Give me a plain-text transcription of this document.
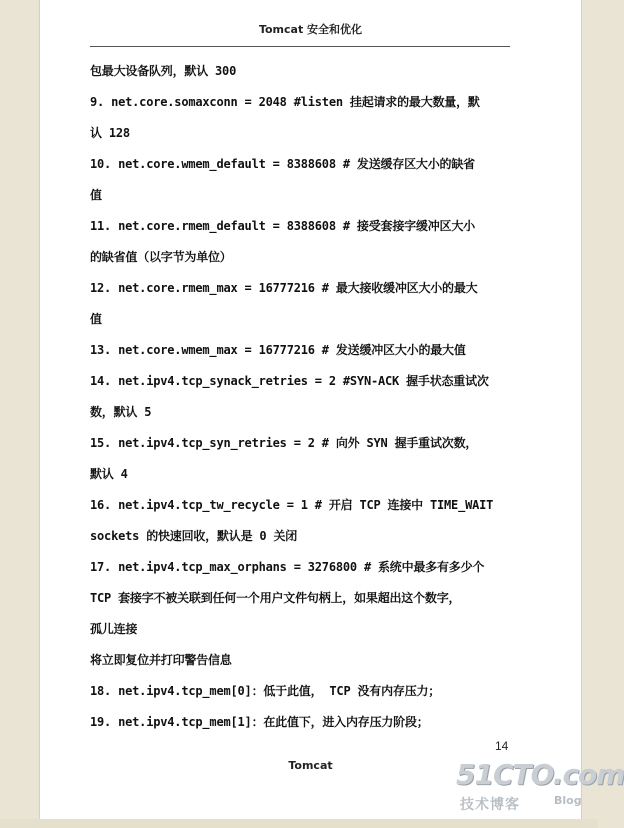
Tomcat 安全和优化
包最大设备队列，默认 300
9. net.core.somaxconn = 2048 #listen 挂起请求的最大数量，默
认 128
10. net.core.wmem_default = 8388608 # 发送缓存区大小的缺省
值
11. net.core.rmem_default = 8388608 # 接受套接字缓冲区大小
的缺省值（以字节为单位）
12. net.core.rmem_max = 16777216 # 最大接收缓冲区大小的最大
值
13. net.core.wmem_max = 16777216 # 发送缓冲区大小的最大值
14. net.ipv4.tcp_synack_retries = 2 #SYN-ACK 握手状态重试次
数，默认 5
15. net.ipv4.tcp_syn_retries = 2 # 向外 SYN 握手重试次数，
默认 4
16. net.ipv4.tcp_tw_recycle = 1 # 开启 TCP 连接中 TIME_WAIT
sockets 的快速回收，默认是 0 关闭
17. net.ipv4.tcp_max_orphans = 3276800 # 系统中最多有多少个
TCP 套接字不被关联到任何一个用户文件句柄上，如果超出这个数字，
孤儿连接
将立即复位并打印警告信息
18. net.ipv4.tcp_mem[0]：低于此值， TCP 没有内存压力；
19. net.ipv4.tcp_mem[1]：在此值下，进入内存压力阶段；
14
Tomcat	51CTO.com
技术博客	Blog
